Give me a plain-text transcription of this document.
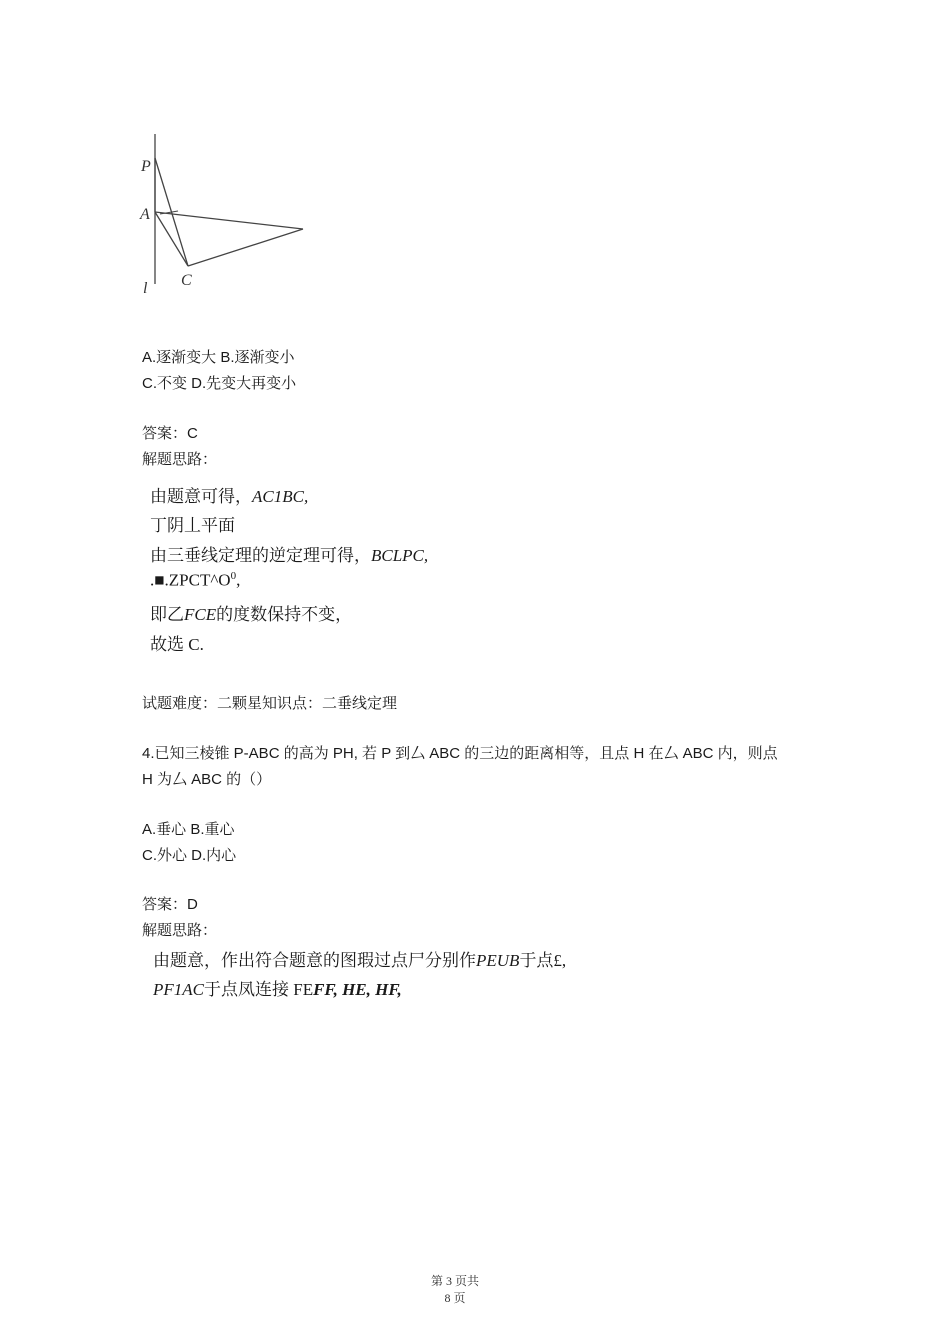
P
A
C
l
A.逐渐变大 B.逐渐变小
C.不变 D.先变大再变小
答案：C
解题思路：
由题意可得，AC1BC,
丁阴丄平面
由三垂线定理的逆定理可得，BCLPC,
$.■.ZPCT\^{}O^0$,
即乙FCE的度数保持不变，
故选 C.
试题难度：二颗星知识点：二垂线定理
4.已知三棱锥 P-ABC 的高为 PH, 若 P 到厶 ABC 的三边的距离相等，且点 H 在厶 ABC 内，则点
H 为厶 ABC 的（）
A.垂心 B.重心
C.外心 D.内心
答案：D
解题思路：
由题意，作出符合题意的图瑕过点尸分别作PEUB于点£,
PF1AC于点凤连接 FEFF, HE, HF,
第 3 页共
8 页
